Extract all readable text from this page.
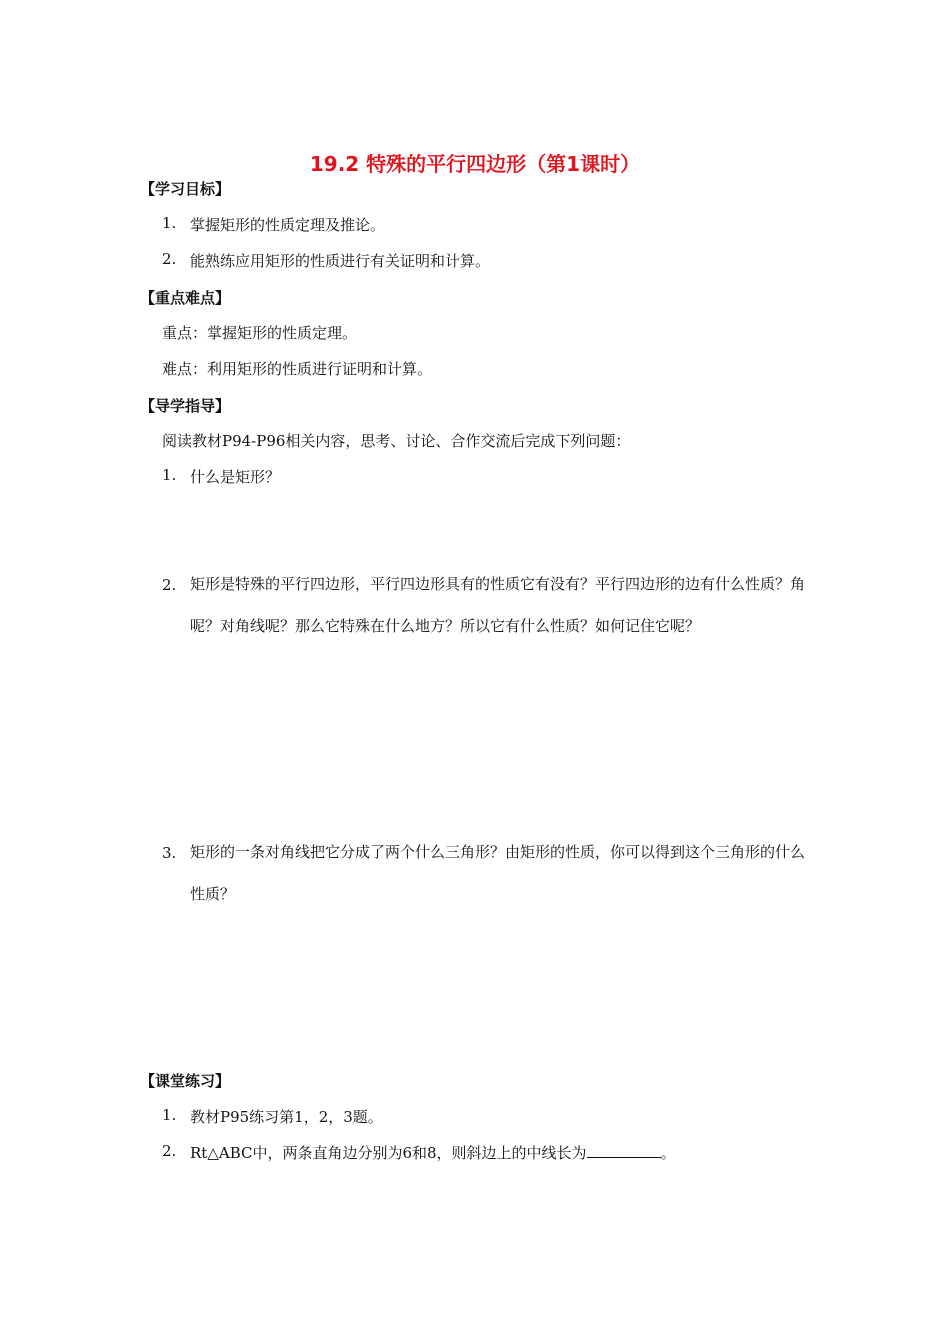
19.2 特殊的平行四边形（第1课时）
【学习目标】
1. 掌握矩形的性质定理及推论。
2. 能熟练应用矩形的性质进行有关证明和计算。
【重点难点】
重点：掌握矩形的性质定理。
难点：利用矩形的性质进行证明和计算。
【导学指导】
阅读教材P94-P96相关内容，思考、讨论、合作交流后完成下列问题：
1. 什么是矩形？
2. 矩形是特殊的平行四边形，平行四边形具有的性质它有没有？平行四边形的边有什么性质？角呢？对角线呢？那么它特殊在什么地方？所以它有什么性质？如何记住它呢？
3. 矩形的一条对角线把它分成了两个什么三角形？由矩形的性质，你可以得到这个三角形的什么性质？
【课堂练习】
1. 教材P95练习第1，2，3题。
2. Rt△ABC中，两条直角边分别为6和8，则斜边上的中线长为	。
